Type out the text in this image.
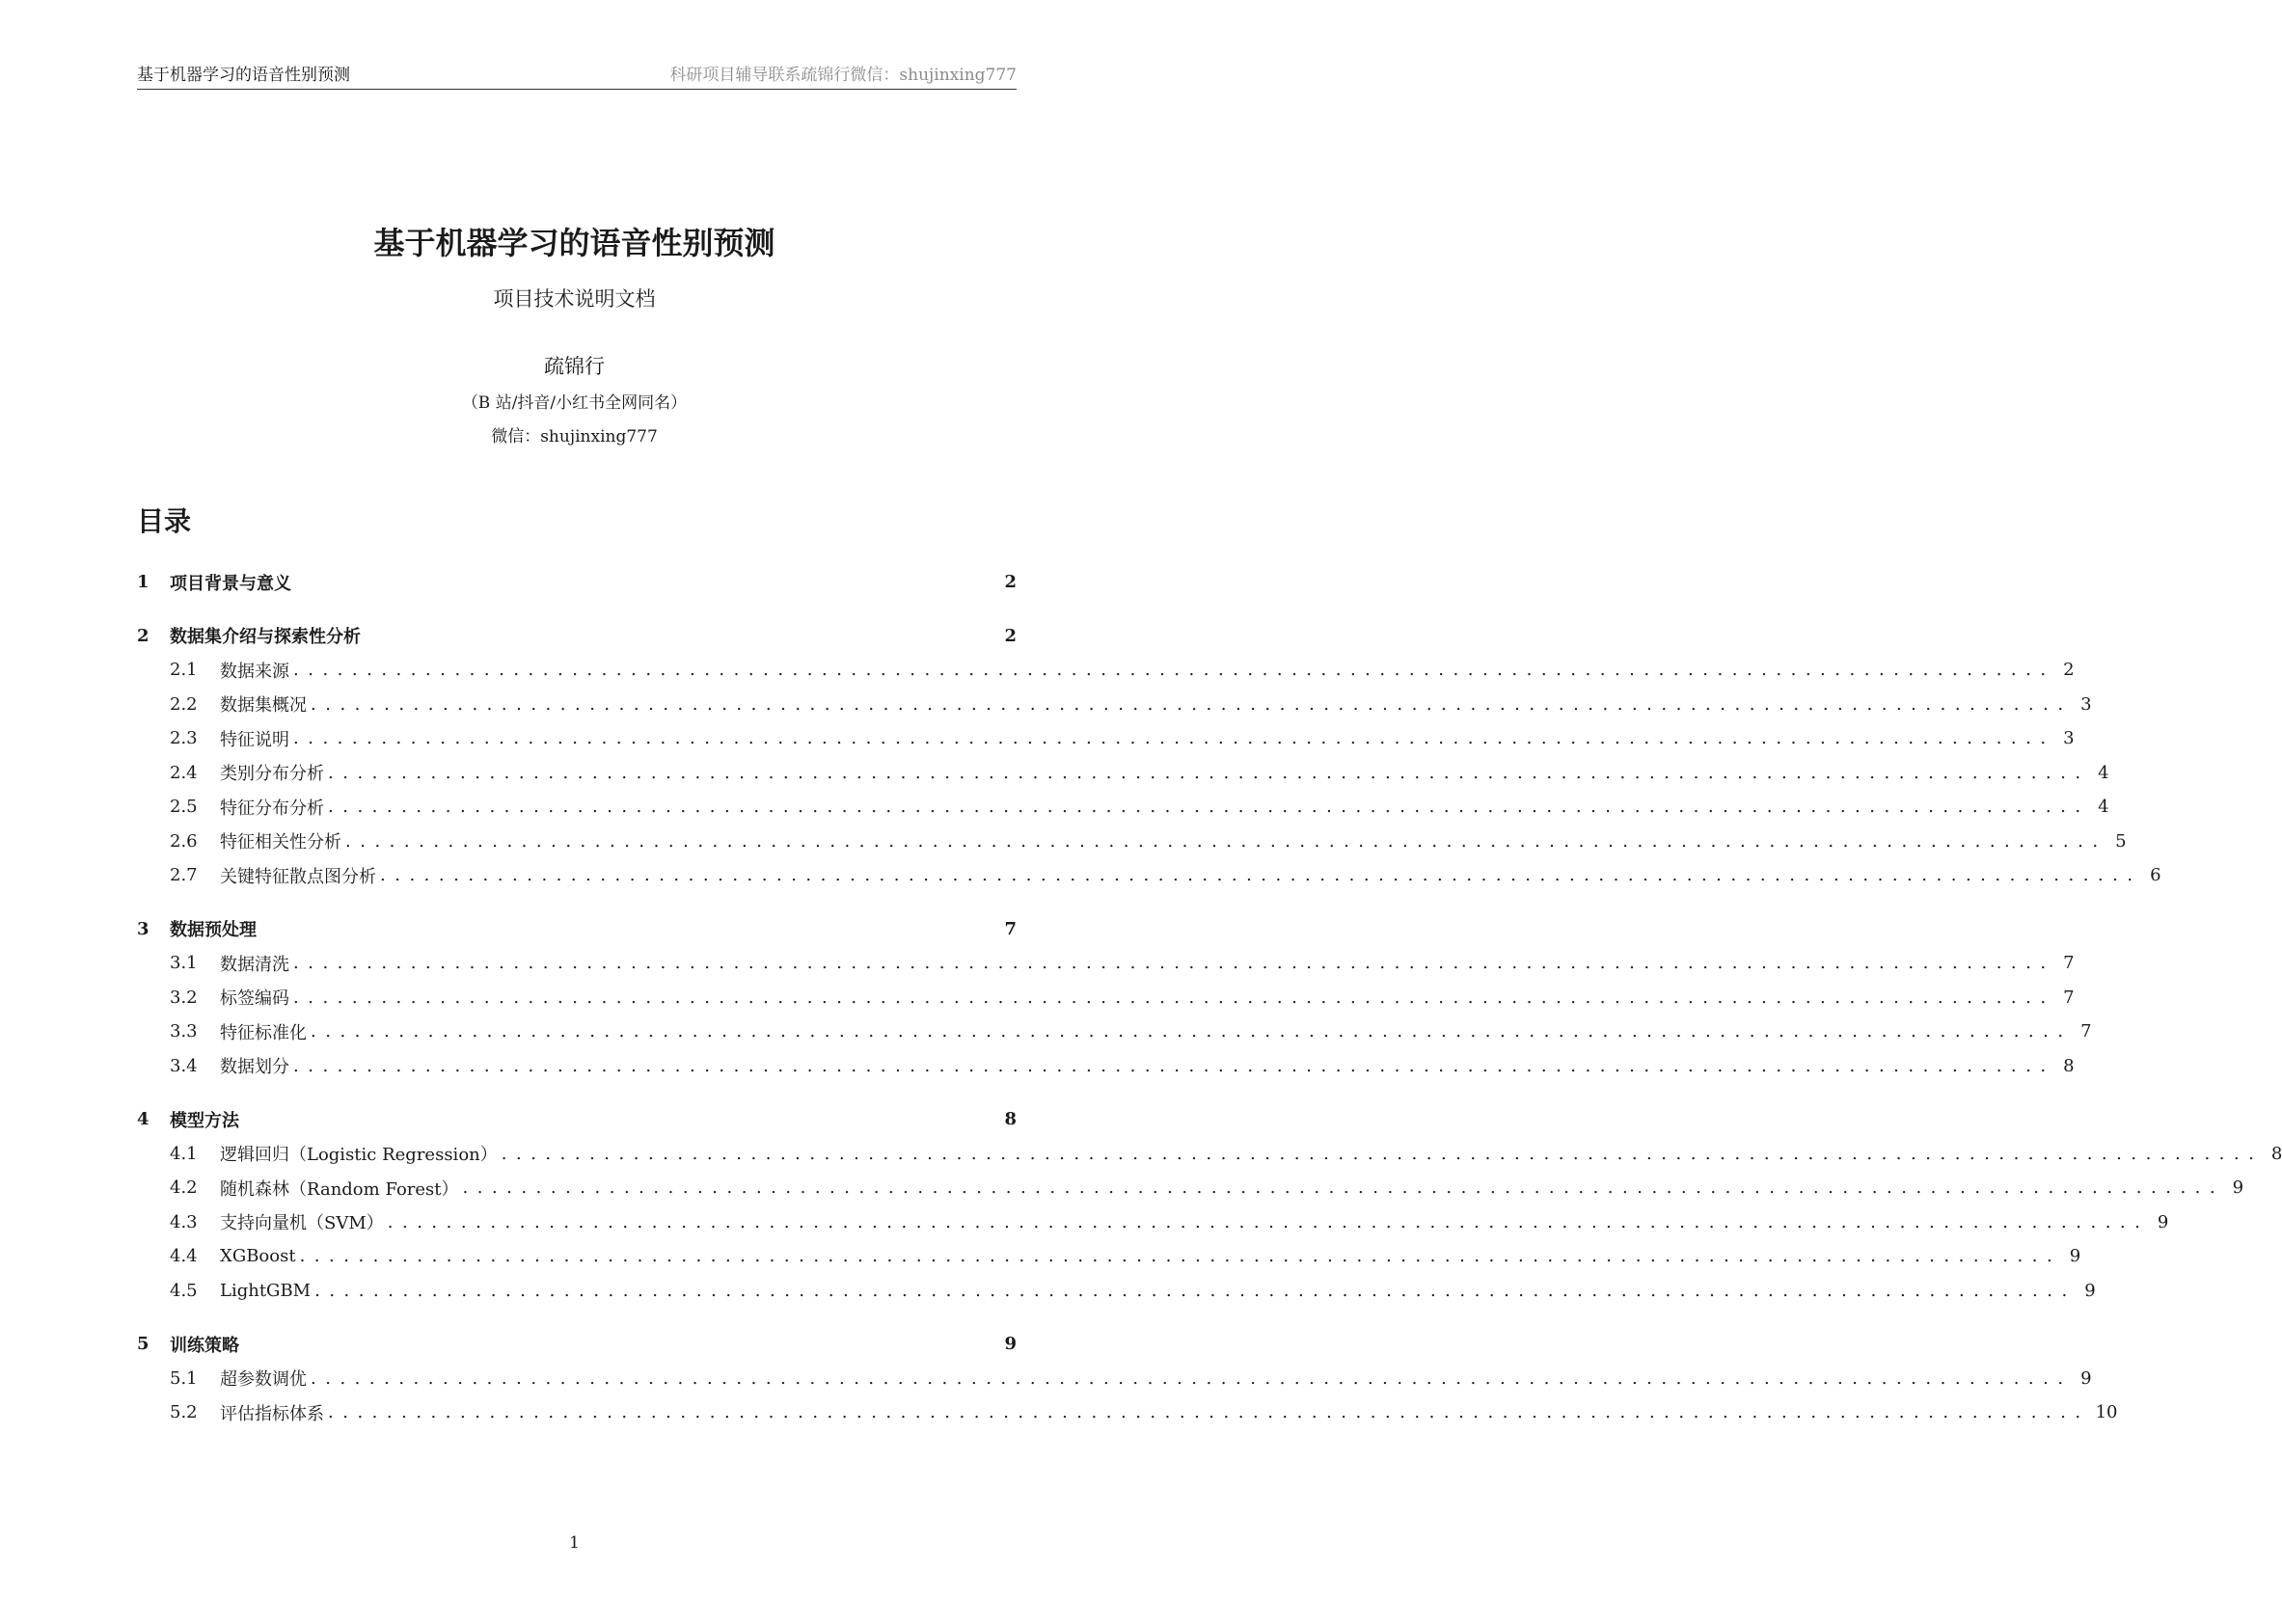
基于机器学习的语音性别预测	科研项目辅导联系疏锦行微信：shujinxing777
基于机器学习的语音性别预测
项目技术说明文档
疏锦行
（B 站/抖音/小红书全网同名）
微信：shujinxing777
目录
1	项目背景与意义	2
2	数据集介绍与探索性分析	2
2.1	数据来源 ........................................................................................................................ 2
2.2	数据集概况 ........................................................................................................................ 3
2.3	特征说明 ........................................................................................................................ 3
2.4	类别分布分析 ........................................................................................................................ 4
2.5	特征分布分析 ........................................................................................................................ 4
2.6	特征相关性分析 ........................................................................................................................ 5
2.7	关键特征散点图分析 ........................................................................................................................ 6
3	数据预处理	7
3.1	数据清洗 ........................................................................................................................ 7
3.2	标签编码 ........................................................................................................................ 7
3.3	特征标准化 ........................................................................................................................ 7
3.4	数据划分 ........................................................................................................................ 8
4	模型方法	8
4.1	逻辑回归（Logistic Regression） ........................................................................................................................ 8
4.2	随机森林（Random Forest） ........................................................................................................................ 9
4.3	支持向量机（SVM） ........................................................................................................................ 9
4.4	XGBoost ........................................................................................................................ 9
4.5	LightGBM ........................................................................................................................ 9
5	训练策略	9
5.1	超参数调优 ........................................................................................................................ 9
5.2	评估指标体系 ........................................................................................................................ 10
1
